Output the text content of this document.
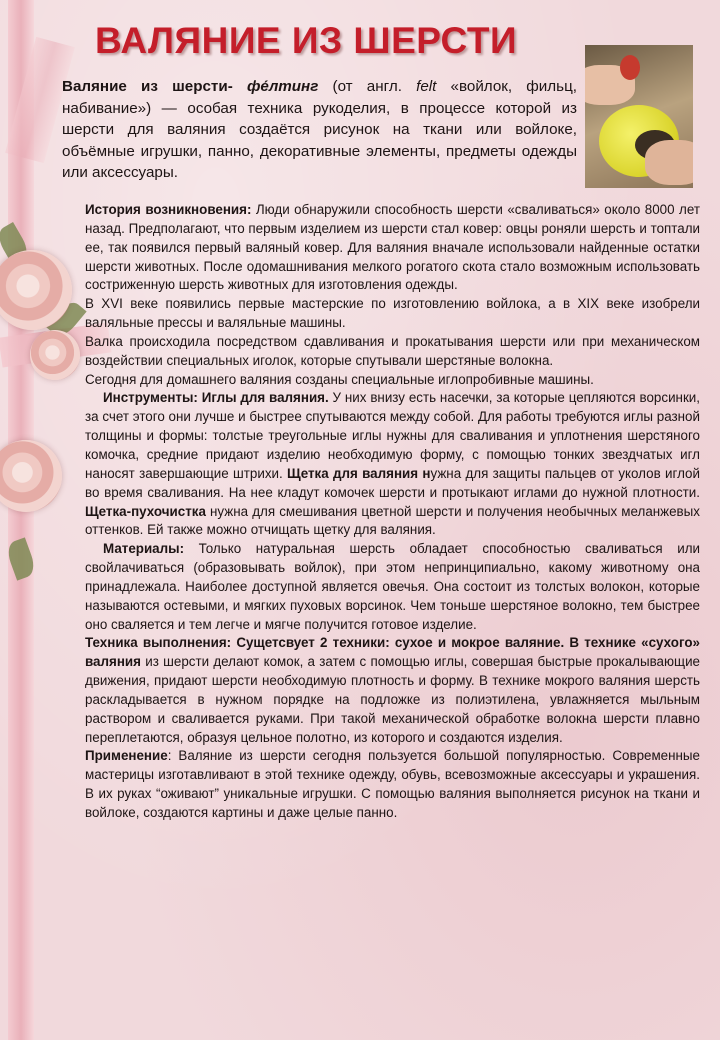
ВАЛЯНИЕ ИЗ ШЕРСТИ

Валяние из шерсти- фе́лтинг (от англ. felt «войлок, фильц, набивание») — особая техника рукоделия, в процессе которой из шерсти для валяния создаётся рисунок на ткани или войлоке, объёмные игрушки, панно, декоративные элементы, предметы одежды или аксессуары.

История возникновения: Люди обнаружили способность шерсти «сваливаться» около 8000 лет назад. Предполагают, что первым изделием из шерсти стал ковер: овцы роняли шерсть и топтали ее, так появился первый валяный ковер. Для валяния вначале использовали найденные остатки шерсти животных. После одомашнивания мелкого рогатого скота стало возможным использовать состриженную шерсть животных для изготовления одежды.

В XVI веке появились первые мастерские по изготовлению войлока, а в XIX веке изобрели валяльные прессы и валяльные машины.

Валка происходила посредством сдавливания и прокатывания шерсти или при механическом воздействии специальных иголок, которые спутывали шерстяные волокна.

Сегодня для домашнего валяния созданы специальные иглопробивные машины.

Инструменты: Иглы для валяния. У них внизу есть насечки, за которые цепляются ворсинки, за счет этого они лучше и быстрее спутываются между собой. Для работы требуются иглы разной толщины и формы: толстые треугольные иглы нужны для сваливания и уплотнения шерстяного комочка, средние придают изделию необходимую форму, с помощью тонких звездчатых игл наносят завершающие штрихи. Щетка для валяния нужна для защиты пальцев от уколов иглой во время сваливания. На нее кладут комочек шерсти и протыкают иглами до нужной плотности. Щетка-пухочистка нужна для смешивания цветной шерсти и получения необычных меланжевых оттенков. Ей также можно отчищать щетку для валяния.

Материалы: Только натуральная шерсть обладает способностью сваливаться или свойлачиваться (образовывать войлок), при этом непринципиально, какому животному она принадлежала. Наиболее доступной является овечья. Она состоит из толстых волокон, которые называются остевыми, и мягких пуховых ворсинок. Чем тоньше шерстяное волокно, тем быстрее оно сваляется и тем легче и мягче получится готовое изделие.

Техника выполнения: Сущетсвует 2 техники: сухое и мокрое валяние. В технике «сухого» валяния из шерсти делают комок, а затем с помощью иглы, совершая быстрые прокалывающие движения, придают шерсти необходимую плотность и форму. В технике мокрого валяния шерсть раскладывается в нужном порядке на подложке из полиэтилена, увлажняется мыльным раствором и сваливается руками. При такой механической обработке волокна шерсти плавно переплетаются, образуя цельное полотно, из которого и создаются изделия.

Применение: Валяние из шерсти сегодня пользуется большой популярностью. Современные мастерицы изготавливают в этой технике одежду, обувь, всевозможные аксессуары и украшения. В их руках “оживают” уникальные игрушки. С помощью валяния выполняется рисунок на ткани и войлоке, создаются картины и даже целые панно.
